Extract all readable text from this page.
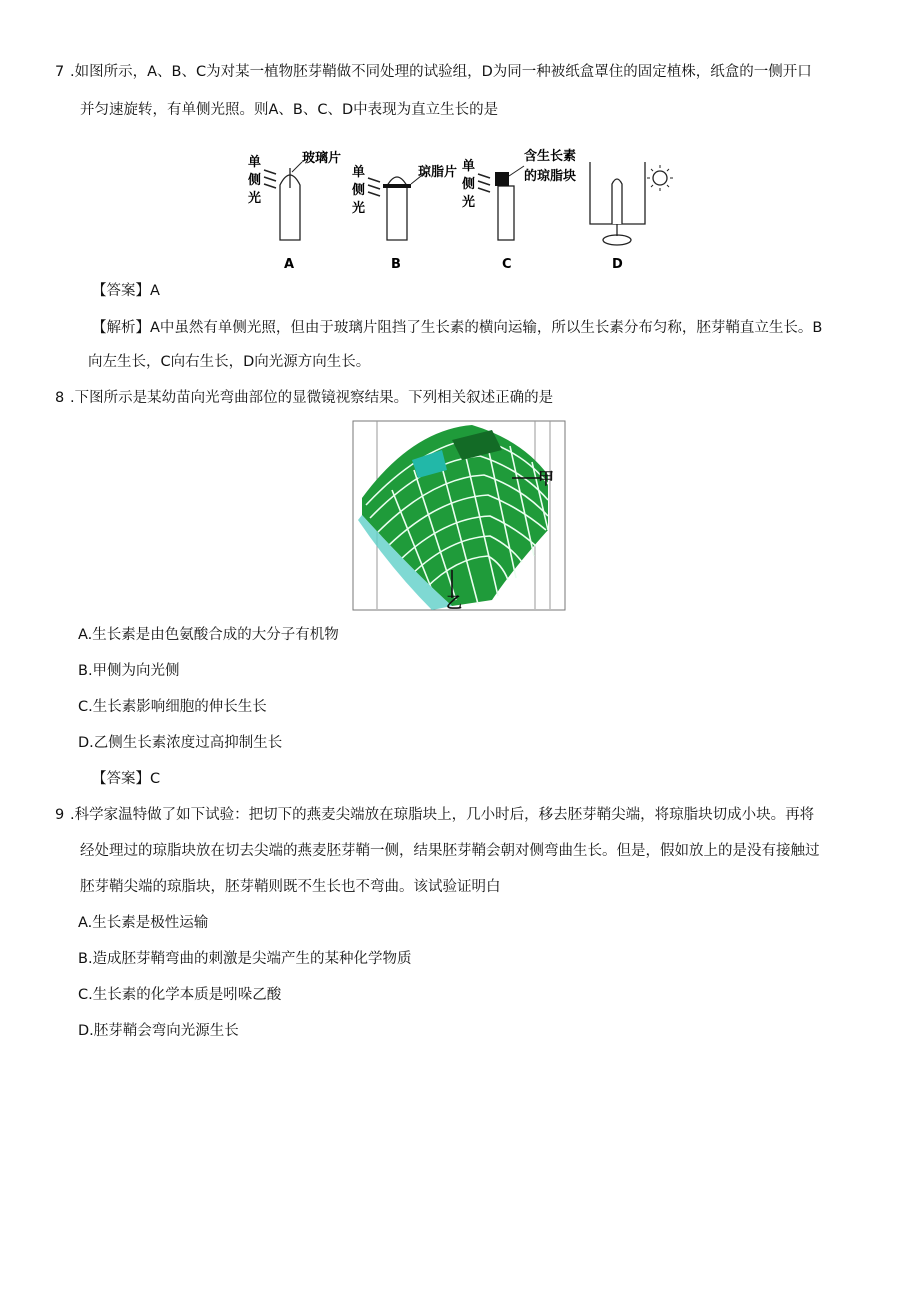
7 .如图所示，A、B、C为对某一植物胚芽鞘做不同处理的试验组，D为同一种被纸盒罩住的固定植株，纸盒的一侧开口
并匀速旋转，有单侧光照。则A、B、C、D中表现为直立生长的是
单
侧
光
玻璃片
A
单
侧
光
琼脂片
B
单
侧
光
含生长素
的琼脂块
C	D
【答案】A
【解析】A中虽然有单侧光照，但由于玻璃片阻挡了生长素的横向运输，所以生长素分布匀称，胚芽鞘直立生长。B
向左生长，C向右生长，D向光源方向生长。
8 .下图所示是某幼苗向光弯曲部位的显微镜视察结果。下列相关叙述正确的是
甲
乙
A.生长素是由色氨酸合成的大分子有机物
B.甲侧为向光侧
C.生长素影响细胞的伸长生长
D.乙侧生长素浓度过高抑制生长
【答案】C
9 .科学家温特做了如下试验：把切下的燕麦尖端放在琼脂块上，几小时后，移去胚芽鞘尖端，将琼脂块切成小块。再将
经处理过的琼脂块放在切去尖端的燕麦胚芽鞘一侧，结果胚芽鞘会朝对侧弯曲生长。但是，假如放上的是没有接触过
胚芽鞘尖端的琼脂块，胚芽鞘则既不生长也不弯曲。该试验证明白
A.生长素是极性运输
B.造成胚芽鞘弯曲的刺激是尖端产生的某种化学物质
C.生长素的化学本质是吲哚乙酸
D.胚芽鞘会弯向光源生长
